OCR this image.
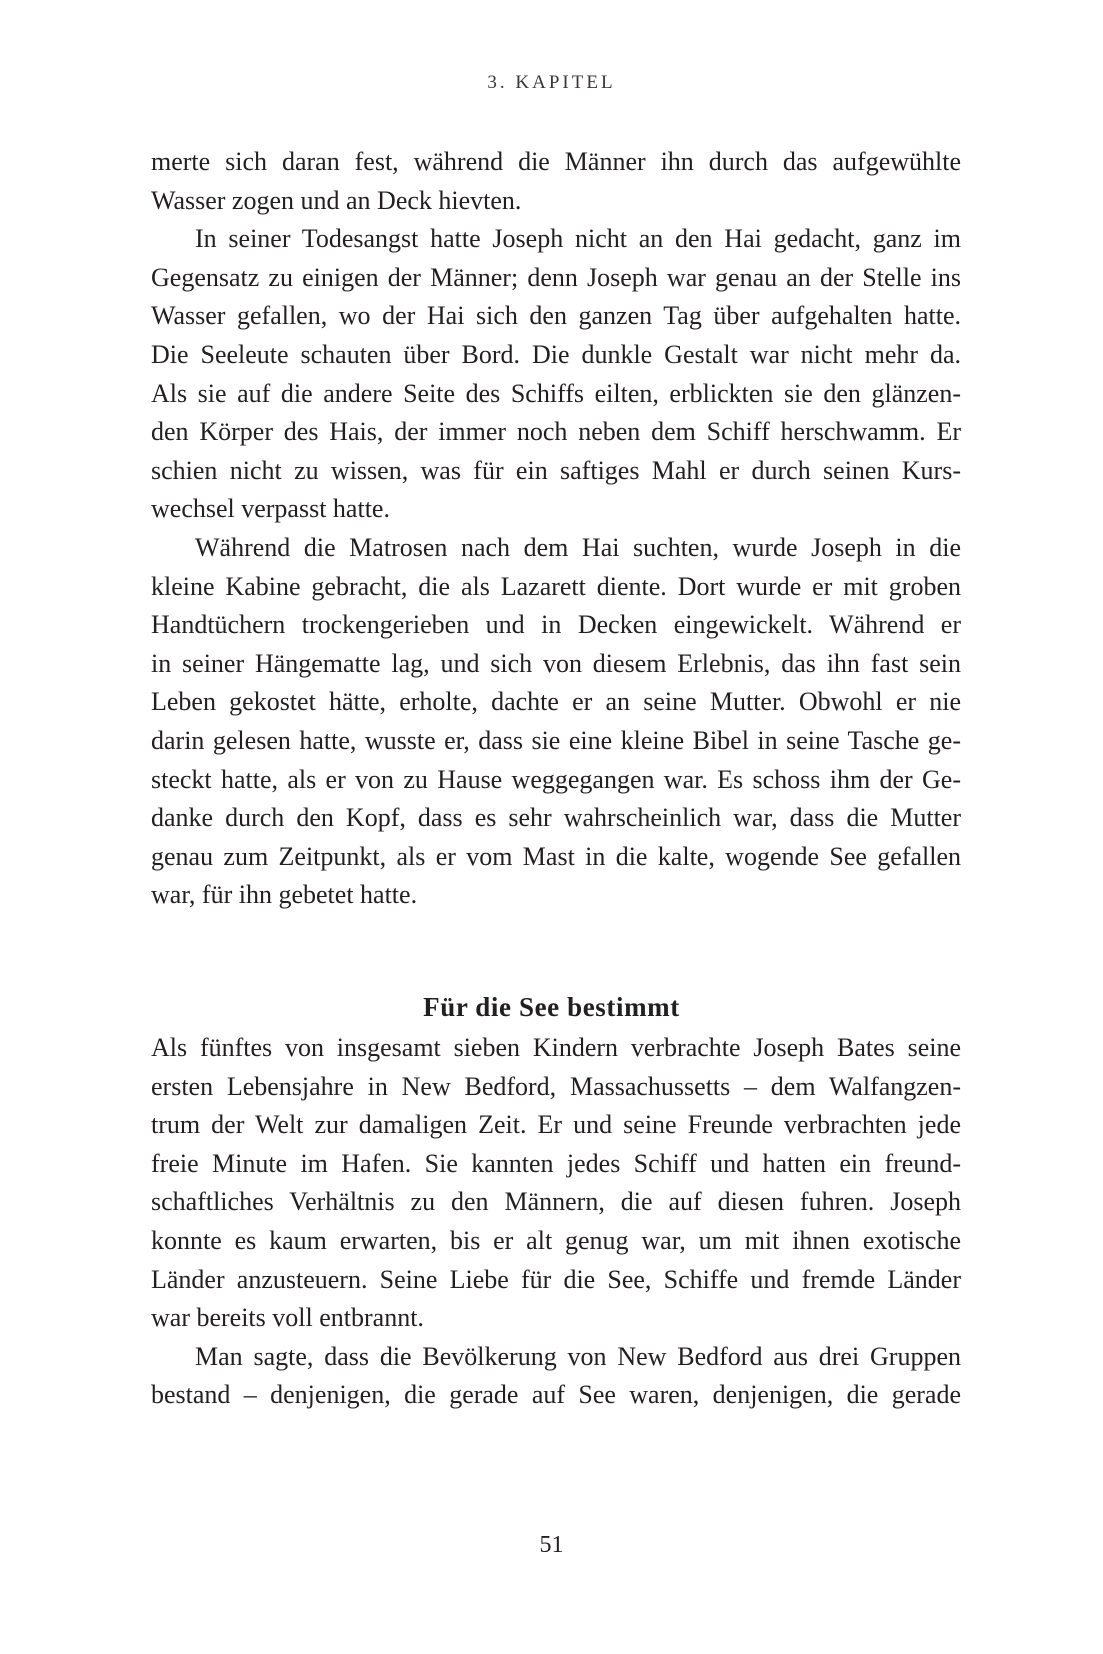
3. KAPITEL
merte sich daran fest, während die Männer ihn durch das aufgewühlte
Wasser zogen und an Deck hievten.
In seiner Todesangst hatte Joseph nicht an den Hai gedacht, ganz im
Gegensatz zu einigen der Männer; denn Joseph war genau an der Stelle ins
Wasser gefallen, wo der Hai sich den ganzen Tag über aufgehalten hatte.
Die Seeleute schauten über Bord. Die dunkle Gestalt war nicht mehr da.
Als sie auf die andere Seite des Schiffs eilten, erblickten sie den glänzen-
den Körper des Hais, der immer noch neben dem Schiff herschwamm. Er
schien nicht zu wissen, was für ein saftiges Mahl er durch seinen Kurs-
wechsel verpasst hatte.
Während die Matrosen nach dem Hai suchten, wurde Joseph in die
kleine Kabine gebracht, die als Lazarett diente. Dort wurde er mit groben
Handtüchern trockengerieben und in Decken eingewickelt. Während er
in seiner Hängematte lag, und sich von diesem Erlebnis, das ihn fast sein
Leben gekostet hätte, erholte, dachte er an seine Mutter. Obwohl er nie
darin gelesen hatte, wusste er, dass sie eine kleine Bibel in seine Tasche ge-
steckt hatte, als er von zu Hause weggegangen war. Es schoss ihm der Ge-
danke durch den Kopf, dass es sehr wahrscheinlich war, dass die Mutter
genau zum Zeitpunkt, als er vom Mast in die kalte, wogende See gefallen
war, für ihn gebetet hatte.
Für die See bestimmt
Als fünftes von insgesamt sieben Kindern verbrachte Joseph Bates seine
ersten Lebensjahre in New Bedford, Massachussetts – dem Walfangzen-
trum der Welt zur damaligen Zeit. Er und seine Freunde verbrachten jede
freie Minute im Hafen. Sie kannten jedes Schiff und hatten ein freund-
schaftliches Verhältnis zu den Männern, die auf diesen fuhren. Joseph
konnte es kaum erwarten, bis er alt genug war, um mit ihnen exotische
Länder anzusteuern. Seine Liebe für die See, Schiffe und fremde Länder
war bereits voll entbrannt.
Man sagte, dass die Bevölkerung von New Bedford aus drei Gruppen
bestand – denjenigen, die gerade auf See waren, denjenigen, die gerade
51
